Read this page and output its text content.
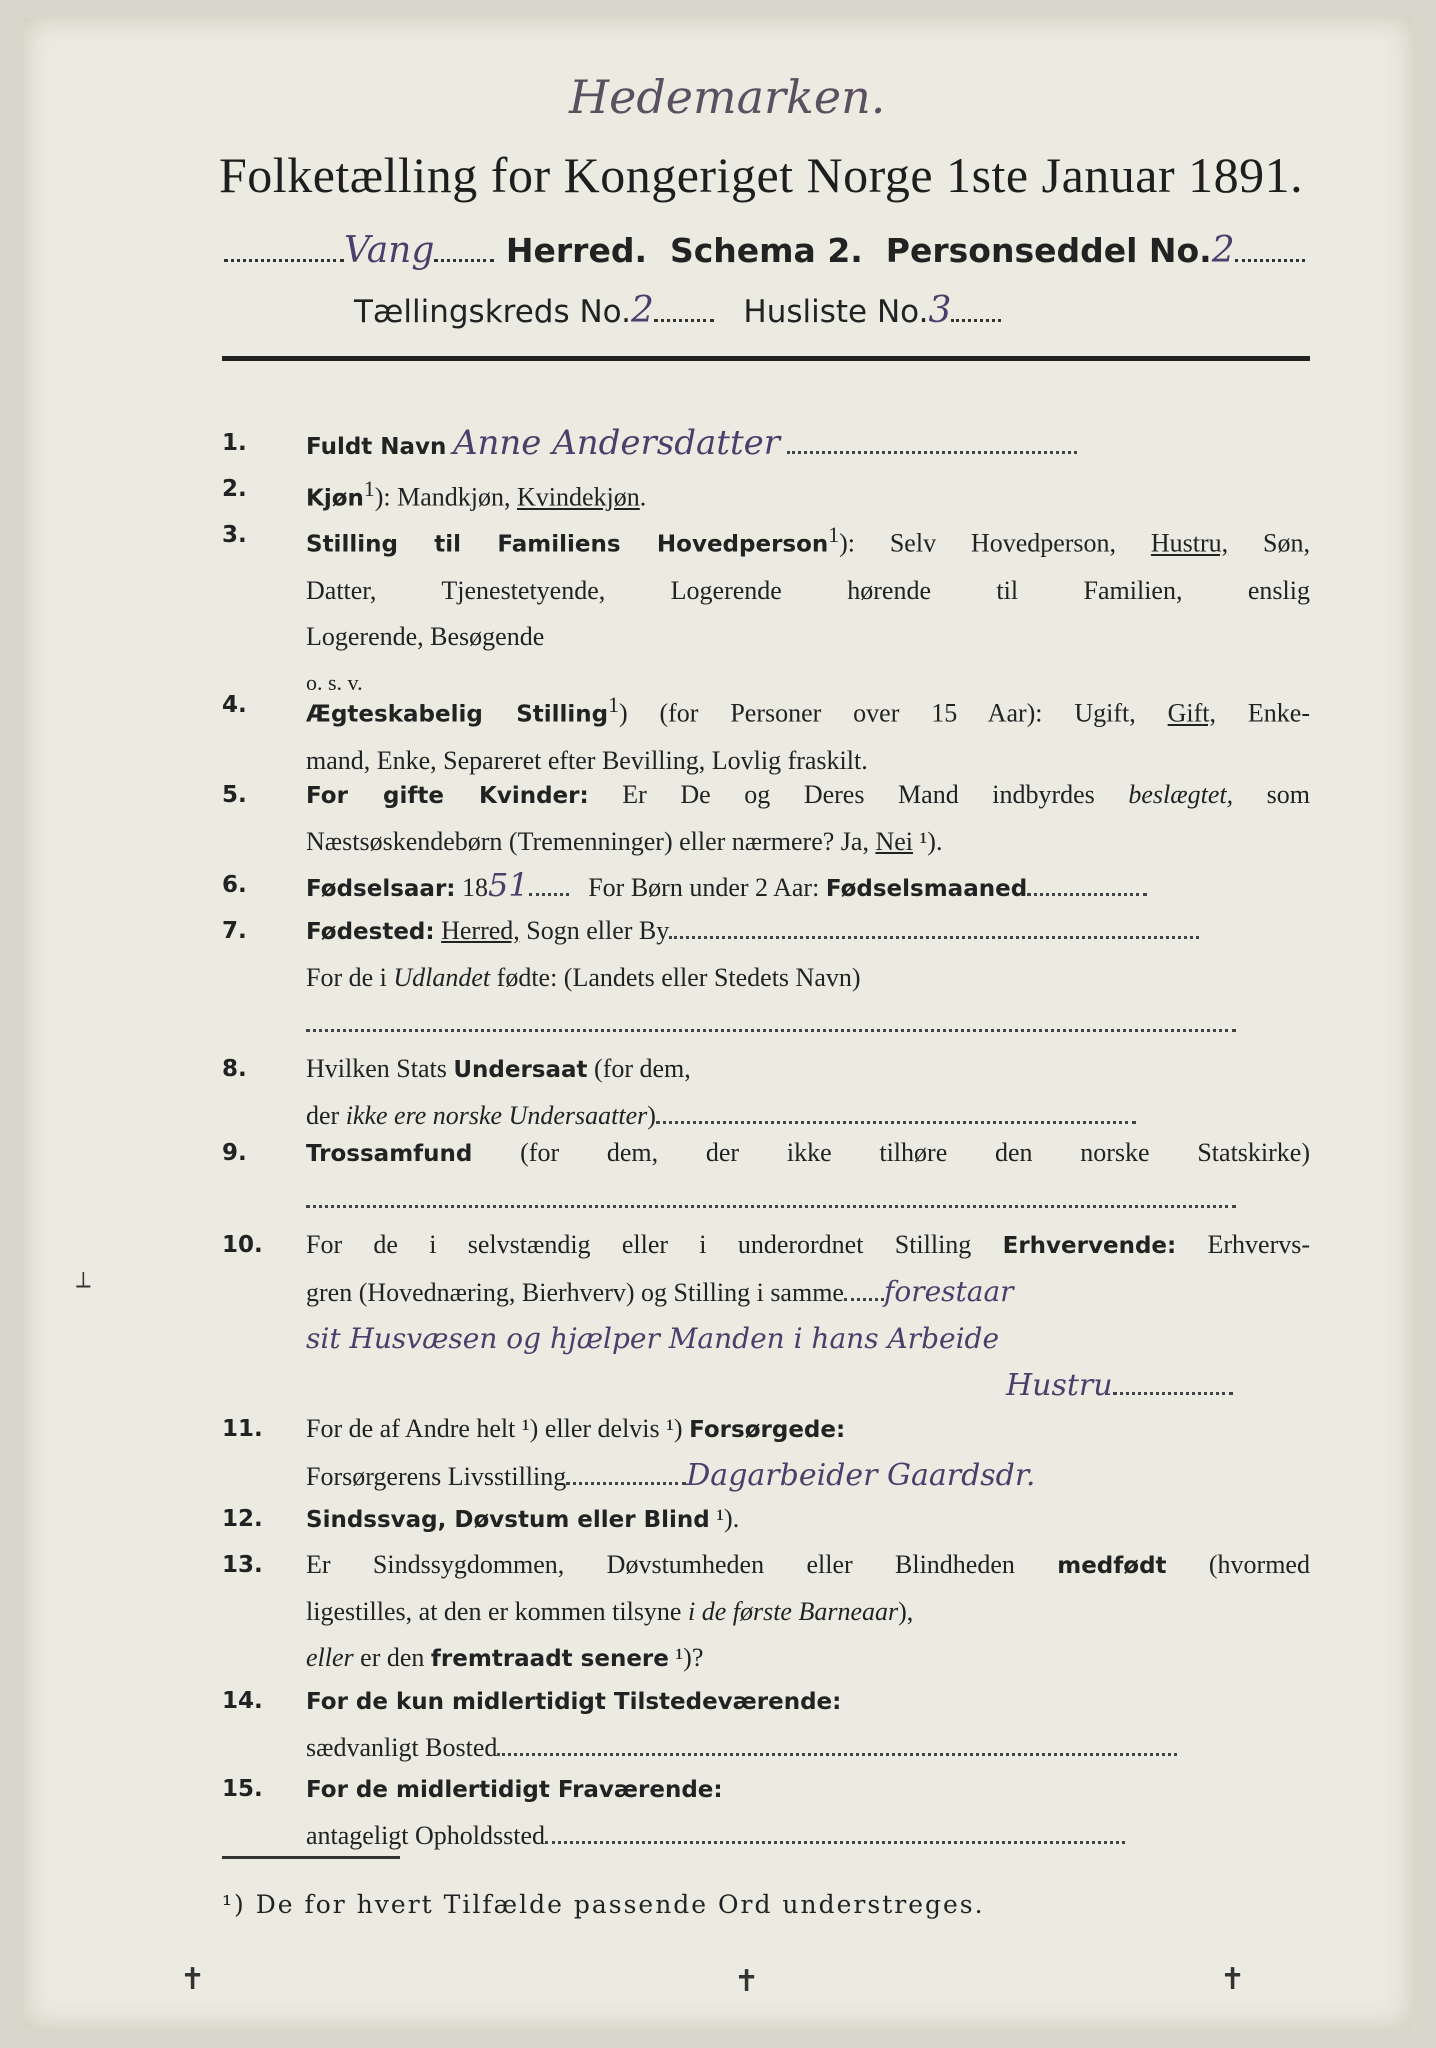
Hedemarken.
Folketælling for Kongeriget Norge 1ste Januar 1891.
Vang Herred. Schema 2. Personseddel No.2
Tællingskreds No.2	Husliste No.3
1.	Fuldt Navn Anne Andersdatter
2.	Kjøn$^1$): Mandkjøn, Kvindekjøn.
3.	Stilling til Familiens Hovedperson$^1$): Selv Hovedperson, Hustru, Søn,
Datter, Tjenestetyende, Logerende hørende til Familien, enslig
Logerende, Besøgende
o. s. v.
4.	Ægteskabelig Stilling$^1$) (for Personer over 15 Aar): Ugift, Gift, Enke-
mand, Enke, Separeret efter Bevilling, Lovlig fraskilt.
5.	For gifte Kvinder: Er De og Deres Mand indbyrdes beslægtet, som
Næstsøskendebørn (Tremenninger) eller nærmere? Ja, Nei ¹).
6.	Fødselsaar: 1851 For Børn under 2 Aar: Fødselsmaaned
7.	Fødested: Herred, Sogn eller By
For de i Udlandet fødte: (Landets eller Stedets Navn)
8.	Hvilken Stats Undersaat (for dem,
der ikke ere norske Undersaatter)
9.	Trossamfund (for dem, der ikke tilhøre den norske Statskirke)
10.	For de i selvstændig eller i underordnet Stilling Erhvervende: Erhvervs-
gren (Hovednæring, Bierhverv) og Stilling i samme forestaar
sit Husvæsen og hjælper Manden i hans Arbeide
Hustru
11.	For de af Andre helt ¹) eller delvis ¹) Forsørgede:
Forsørgerens Livsstilling	Dagarbeider Gaardsdr.
12.	Sindssvag, Døvstum eller Blind ¹).
13.	Er Sindssygdommen, Døvstumheden eller Blindheden medfødt (hvormed
ligestilles, at den er kommen tilsyne i de første Barneaar),
eller er den fremtraadt senere ¹)?
14.	For de kun midlertidigt Tilstedeværende:
sædvanligt Bosted
15.	For de midlertidigt Fraværende:
antageligt Opholdssted
¹) De for hvert Tilfælde passende Ord understreges.
✝	✝	✝
⟂
